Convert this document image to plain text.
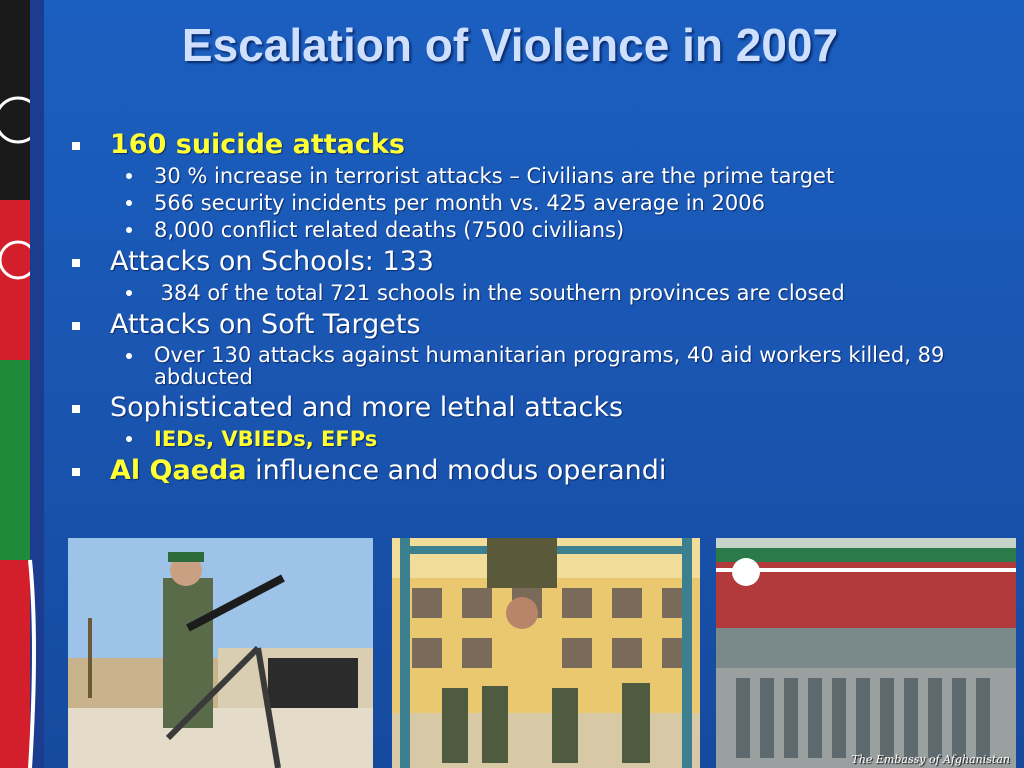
Escalation of Violence in 2007
160 suicide attacks
30 % increase in terrorist attacks – Civilians are the prime target
566 security incidents per month vs. 425 average in 2006
8,000 conflict related deaths (7500 civilians)
Attacks on Schools: 133
384 of the total 721 schools in the southern provinces are closed
Attacks on Soft Targets
Over 130 attacks against humanitarian programs, 40 aid workers killed, 89 abducted
Sophisticated and more lethal attacks
IEDs, VBIEDs, EFPs
Al Qaeda influence and modus operandi
The Embassy of Afghanistan
